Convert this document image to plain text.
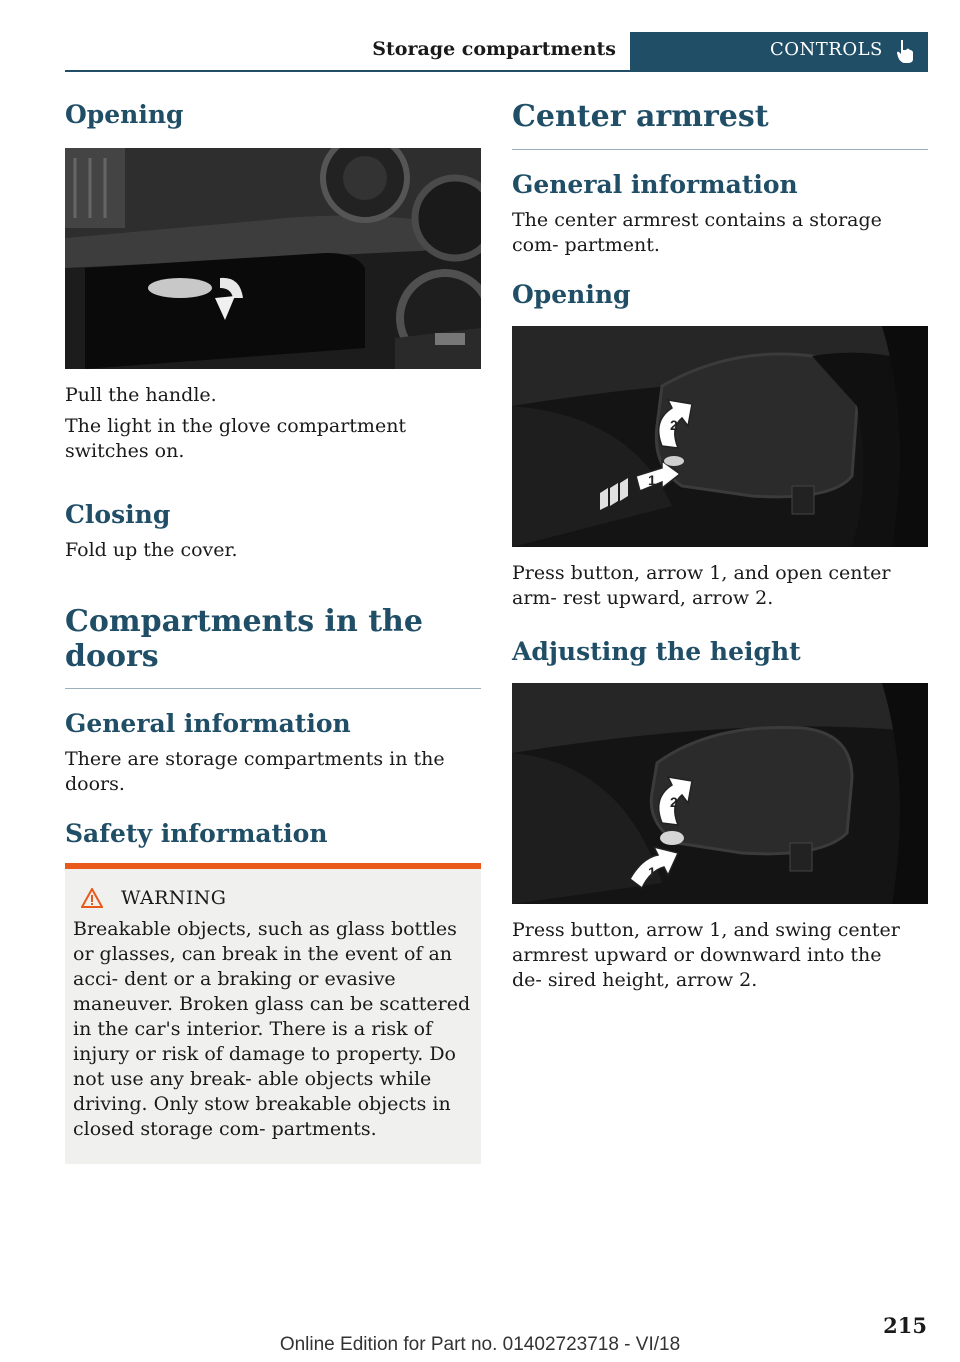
Storage compartments	CONTROLS
Opening

Pull the handle.

The light in the glove compartment switches on.

Closing

Fold up the cover.

Compartments in the doors
General information

There are storage compartments in the doors.

Safety information
WARNING

Breakable objects, such as glass bottles or glasses, can break in the event of an acci‐ dent or a braking or evasive maneuver. Broken glass can be scattered in the car's interior. There is a risk of injury or risk of damage to property. Do not use any break‐ able objects while driving. Only stow breakable objects in closed storage com‐ partments.

Center armrest
General information

The center armrest contains a storage com‐ partment.

Opening
1
2

Press button, arrow 1, and open center arm‐ rest upward, arrow 2.

Adjusting the height
1
2

Press button, arrow 1, and swing center armrest upward or downward into the de‐ sired height, arrow 2.

215
Online Edition for Part no. 01402723718 - VI/18
